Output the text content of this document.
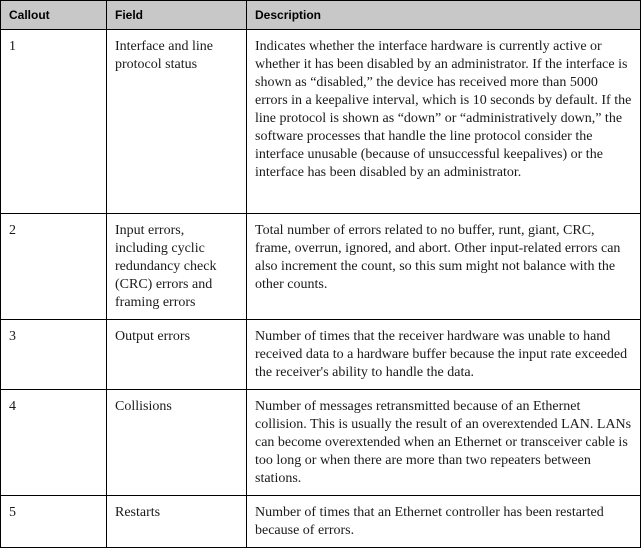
Callout	Field	Description
1	Interface and line protocol status	Indicates whether the interface hardware is currently active or whether it has been disabled by an administrator. If the interface is shown as “disabled,” the device has received more than 5000 errors in a keepalive interval, which is 10 seconds by default. If the line protocol is shown as “down” or “administratively down,” the software processes that handle the line protocol consider the interface unusable (because of unsuccessful keepalives) or the interface has been disabled by an administrator.
2	Input errors, including cyclic redundancy check (CRC) errors and framing errors	Total number of errors related to no buffer, runt, giant, CRC, frame, overrun, ignored, and abort. Other input-related errors can also increment the count, so this sum might not balance with the other counts.
3	Output errors	Number of times that the receiver hardware was unable to hand received data to a hardware buffer because the input rate exceeded the receiver's ability to handle the data.
4	Collisions	Number of messages retransmitted because of an Ethernet collision. This is usually the result of an overextended LAN. LANs can become overextended when an Ethernet or transceiver cable is too long or when there are more than two repeaters between stations.
5	Restarts	Number of times that an Ethernet controller has been restarted because of errors.
